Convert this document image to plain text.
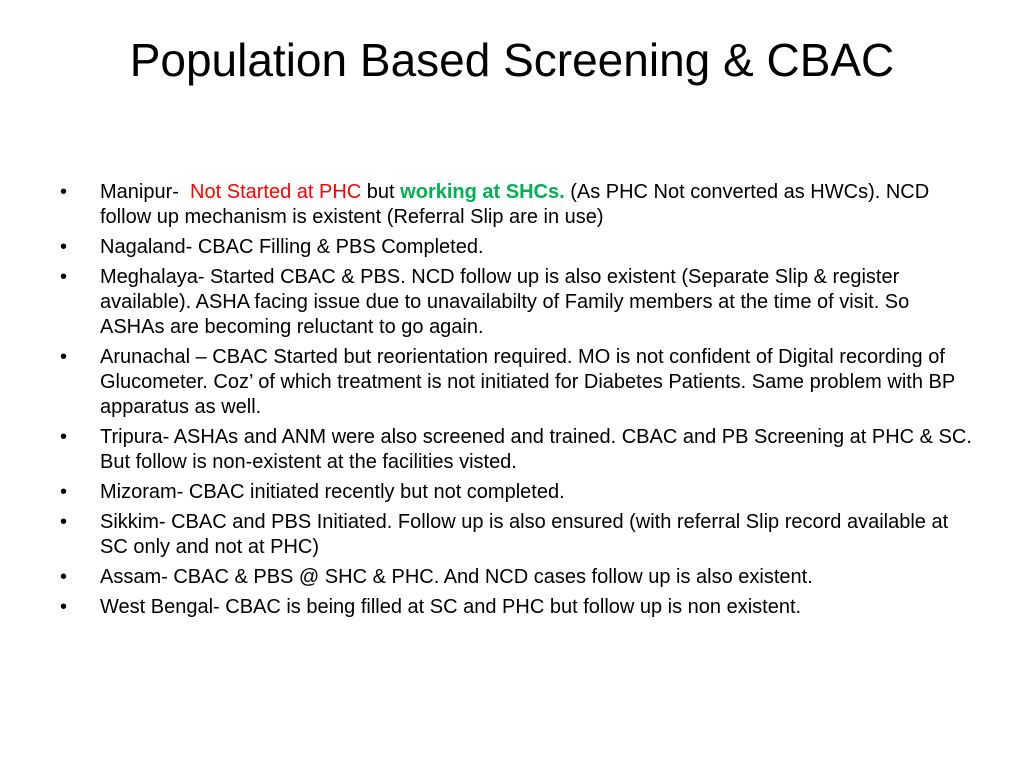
Population Based Screening & CBAC
• Manipur- Not Started at PHC but working at SHCs. (As PHC Not converted as HWCs). NCD follow up mechanism is existent (Referral Slip are in use)
• Nagaland- CBAC Filling & PBS Completed.
• Meghalaya- Started CBAC & PBS. NCD follow up is also existent (Separate Slip & register available). ASHA facing issue due to unavailabilty of Family members at the time of visit. So ASHAs are becoming reluctant to go again.
• Arunachal – CBAC Started but reorientation required. MO is not confident of Digital recording of Glucometer. Coz’ of which treatment is not initiated for Diabetes Patients. Same problem with BP apparatus as well.
• Tripura- ASHAs and ANM were also screened and trained. CBAC and PB Screening at PHC & SC. But follow is non-existent at the facilities visted.
• Mizoram- CBAC initiated recently but not completed.
• Sikkim- CBAC and PBS Initiated. Follow up is also ensured (with referral Slip record available at SC only and not at PHC)
• Assam- CBAC & PBS @ SHC & PHC. And NCD cases follow up is also existent.
• West Bengal- CBAC is being filled at SC and PHC but follow up is non existent.
